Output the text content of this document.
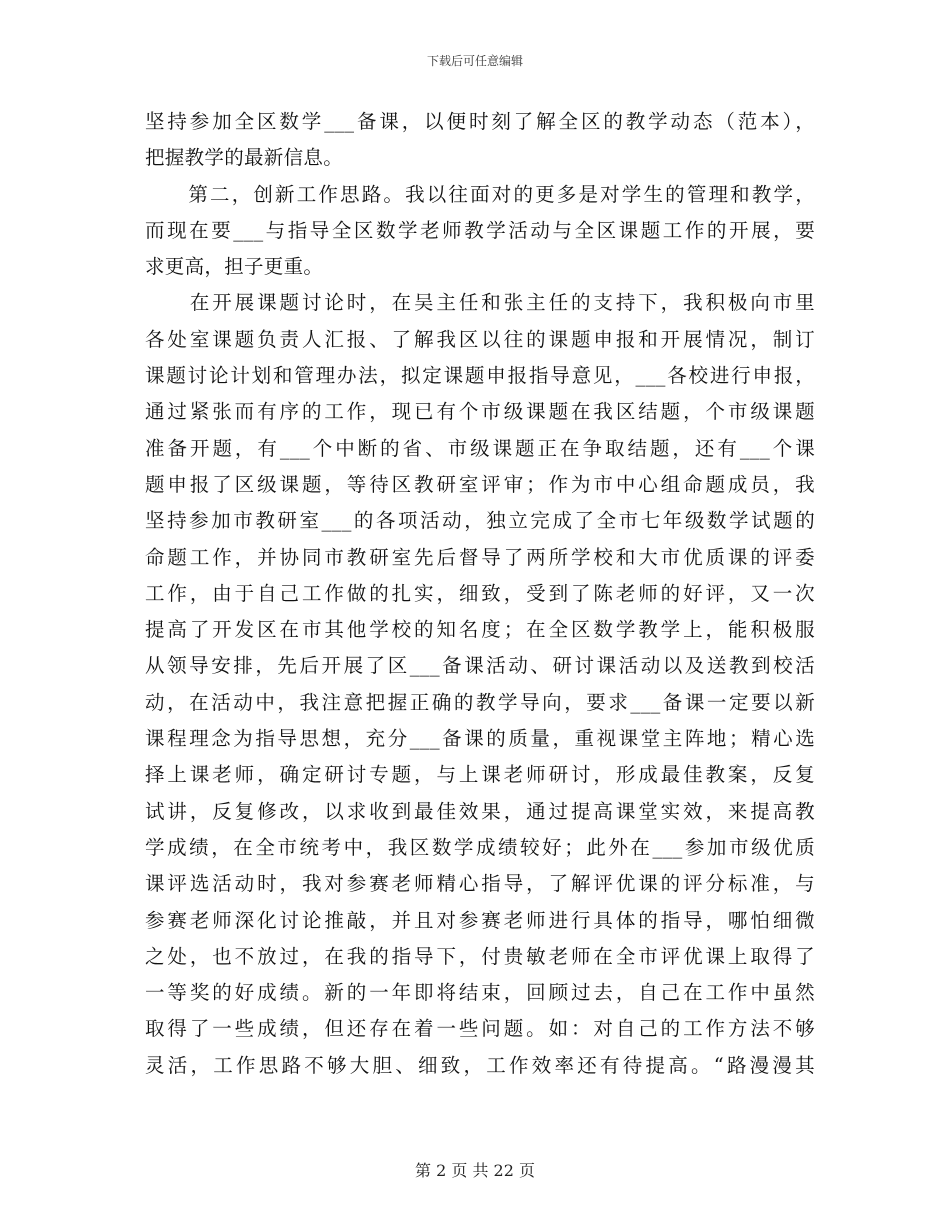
下载后可任意编辑
坚持参加全区数学___备课，以便时刻了解全区的教学动态（范本），
把握教学的最新信息。
　　第二，创新工作思路。我以往面对的更多是对学生的管理和教学，
而现在要___与指导全区数学老师教学活动与全区课题工作的开展，要
求更高，担子更重。
　　在开展课题讨论时，在吴主任和张主任的支持下，我积极向市里
各处室课题负责人汇报、了解我区以往的课题申报和开展情况，制订
课题讨论计划和管理办法，拟定课题申报指导意见，___各校进行申报，
通过紧张而有序的工作，现已有个市级课题在我区结题，个市级课题
准备开题，有___个中断的省、市级课题正在争取结题，还有___个课
题申报了区级课题，等待区教研室评审；作为市中心组命题成员，我
坚持参加市教研室___的各项活动，独立完成了全市七年级数学试题的
命题工作，并协同市教研室先后督导了两所学校和大市优质课的评委
工作，由于自己工作做的扎实，细致，受到了陈老师的好评，又一次
提高了开发区在市其他学校的知名度；在全区数学教学上，能积极服
从领导安排，先后开展了区___备课活动、研讨课活动以及送教到校活
动，在活动中，我注意把握正确的教学导向，要求___备课一定要以新
课程理念为指导思想，充分___备课的质量，重视课堂主阵地；精心选
择上课老师，确定研讨专题，与上课老师研讨，形成最佳教案，反复
试讲，反复修改，以求收到最佳效果，通过提高课堂实效，来提高教
学成绩，在全市统考中，我区数学成绩较好；此外在___参加市级优质
课评选活动时，我对参赛老师精心指导，了解评优课的评分标准，与
参赛老师深化讨论推敲，并且对参赛老师进行具体的指导，哪怕细微
之处，也不放过，在我的指导下，付贵敏老师在全市评优课上取得了
一等奖的好成绩。新的一年即将结束，回顾过去，自己在工作中虽然
取得了一些成绩，但还存在着一些问题。如：对自己的工作方法不够
灵活，工作思路不够大胆、细致，工作效率还有待提高。“路漫漫其
第 2 页 共 22 页
